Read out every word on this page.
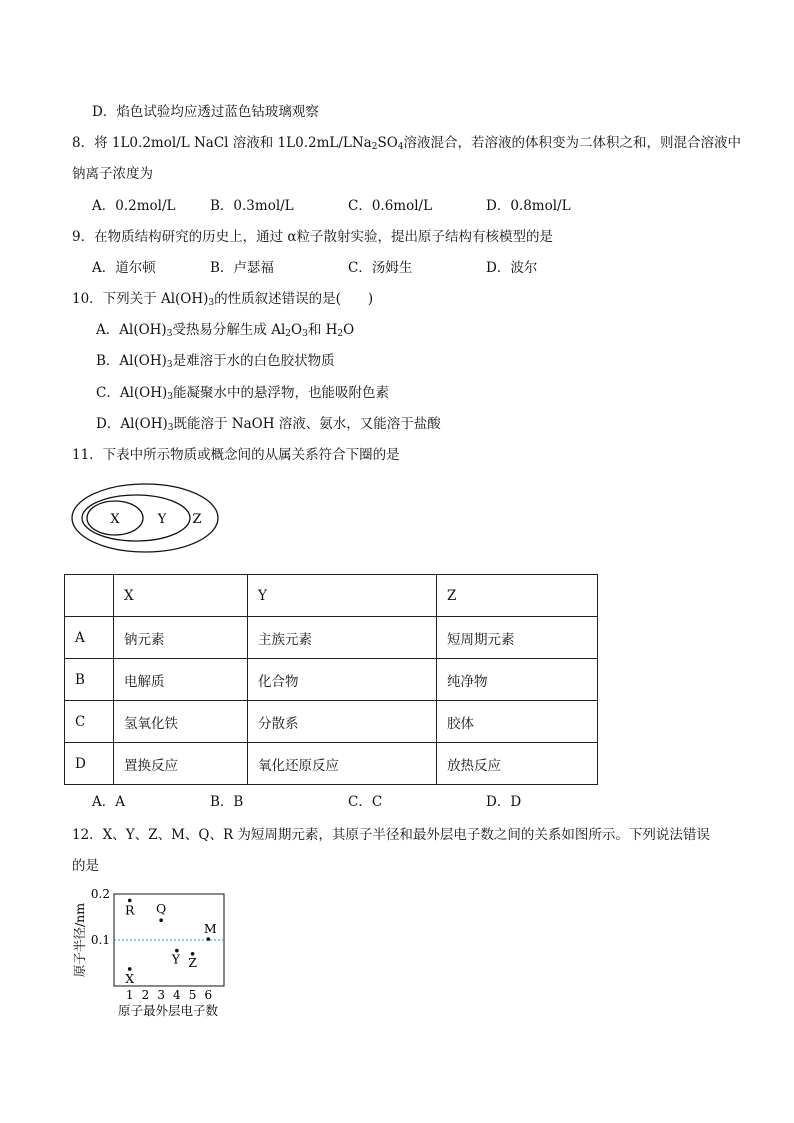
D．焰色试验均应透过蓝色钴玻璃观察
8．将 1L0.2mol/L NaCl 溶液和 $1L0.2mL/LNa_2SO_4$溶液混合，若溶液的体积变为二体积之和，则混合溶液中
钠离子浓度为
A．0.2mol/L	B．0.3mol/L	C．0.6mol/L	D．0.8mol/L
9．在物质结构研究的历史上，通过 α粒子散射实验，提出原子结构有核模型的是
A．道尔顿	B．卢瑟福	C．汤姆生	D．波尔
10．下列关于 $Al(OH)_3$的性质叙述错误的是(　　)
A．$Al(OH)_3$受热易分解生成 $Al_2O_3$和 $H_2O$
B．$Al(OH)_3$是难溶于水的白色胶状物质
C．$Al(OH)_3$能凝聚水中的悬浮物，也能吸附色素
D．$Al(OH)_3$既能溶于 NaOH 溶液、氨水，又能溶于盐酸
11．下表中所示物质或概念间的从属关系符合下圈的是
X	Y Z
	X	Y	Z
A	钠元素	主族元素	短周期元素
B	电解质	化合物	纯净物
C	氢氧化铁	分散系	胶体
D	置换反应	氧化还原反应	放热反应
A．A	B．B	C．C	D．D
12．X、Y、Z、M、Q、R 为短周期元素，其原子半径和最外层电子数之间的关系如图所示。下列说法错误
的是
0.1
0.2
1 2 3 4 5 6
R
X
Q
Y Z
M
原子最外层电子数
原子半径/nm
